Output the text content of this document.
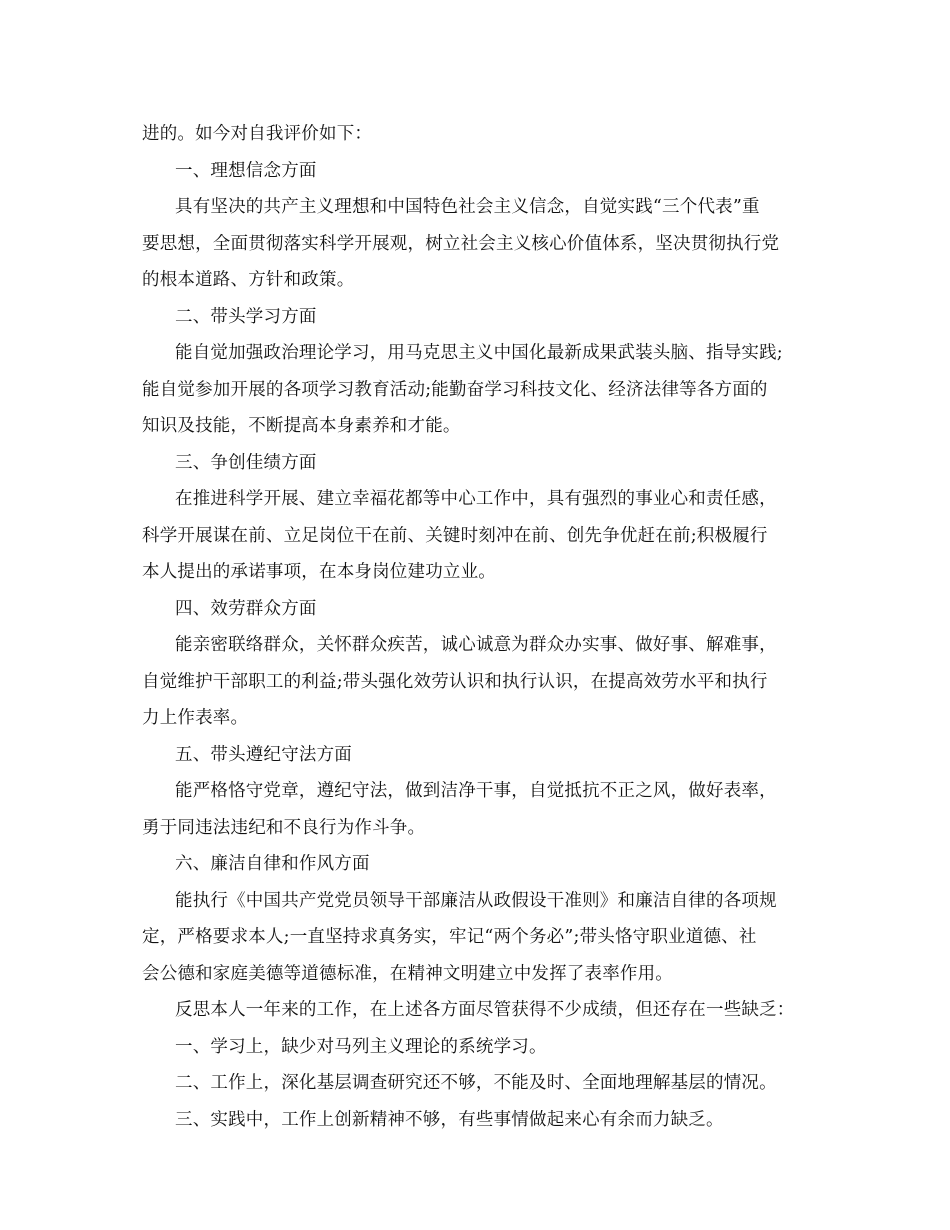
进的。如今对自我评价如下：
一、理想信念方面
具有坚决的共产主义理想和中国特色社会主义信念，自觉实践“三个代表”重
要思想，全面贯彻落实科学开展观，树立社会主义核心价值体系，坚决贯彻执行党
的根本道路、方针和政策。
二、带头学习方面
能自觉加强政治理论学习，用马克思主义中国化最新成果武装头脑、指导实践;
能自觉参加开展的各项学习教育活动;能勤奋学习科技文化、经济法律等各方面的
知识及技能，不断提高本身素养和才能。
三、争创佳绩方面
在推进科学开展、建立幸福花都等中心工作中，具有强烈的事业心和责任感，
科学开展谋在前、立足岗位干在前、关键时刻冲在前、创先争优赶在前;积极履行
本人提出的承诺事项，在本身岗位建功立业。
四、效劳群众方面
能亲密联络群众，关怀群众疾苦，诚心诚意为群众办实事、做好事、解难事，
自觉维护干部职工的利益;带头强化效劳认识和执行认识，在提高效劳水平和执行
力上作表率。
五、带头遵纪守法方面
能严格恪守党章，遵纪守法，做到洁净干事，自觉抵抗不正之风，做好表率，
勇于同违法违纪和不良行为作斗争。
六、廉洁自律和作风方面
能执行《中国共产党党员领导干部廉洁从政假设干准则》和廉洁自律的各项规
定，严格要求本人;一直坚持求真务实，牢记“两个务必”;带头恪守职业道德、社
会公德和家庭美德等道德标准，在精神文明建立中发挥了表率作用。
反思本人一年来的工作，在上述各方面尽管获得不少成绩，但还存在一些缺乏：
一、学习上，缺少对马列主义理论的系统学习。
二、工作上，深化基层调查研究还不够，不能及时、全面地理解基层的情况。
三、实践中，工作上创新精神不够，有些事情做起来心有余而力缺乏。
